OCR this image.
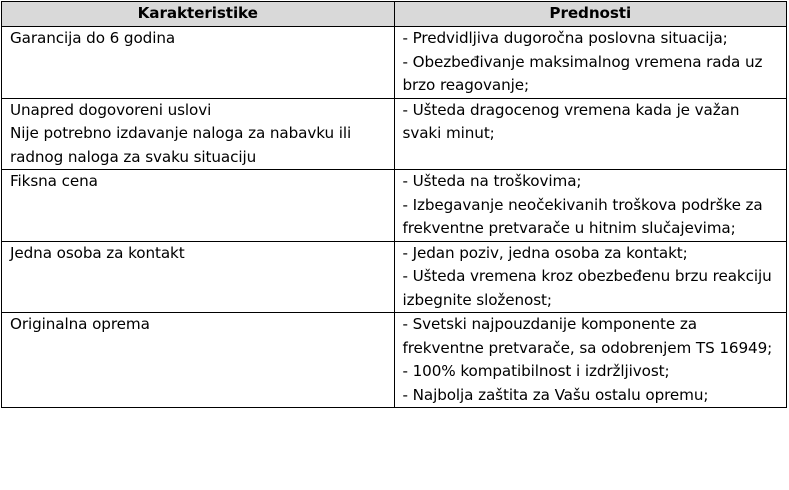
Karakteristike	Prednosti

Garancija do 6 godina	- Predvidljiva dugoročna poslovna situacija;
- Obezbeđivanje maksimalnog vremena rada uz brzo reagovanje;

Unapred dogovoreni uslovi
Nije potrebno izdavanje naloga za nabavku ili radnog naloga za svaku situaciju	- Ušteda dragocenog vremena kada je važan svaki minut;

Fiksna cena	- Ušteda na troškovima;
- Izbegavanje neočekivanih troškova podrške za frekventne pretvarače u hitnim slučajevima;

Jedna osoba za kontakt	- Jedan poziv, jedna osoba za kontakt;
- Ušteda vremena kroz obezbeđenu brzu reakciju izbegnite složenost;

Originalna oprema	- Svetski najpouzdanije komponente za frekventne pretvarače, sa odobrenjem TS 16949;
- 100% kompatibilnost i izdržljivost;
- Najbolja zaštita za Vašu ostalu opremu;
